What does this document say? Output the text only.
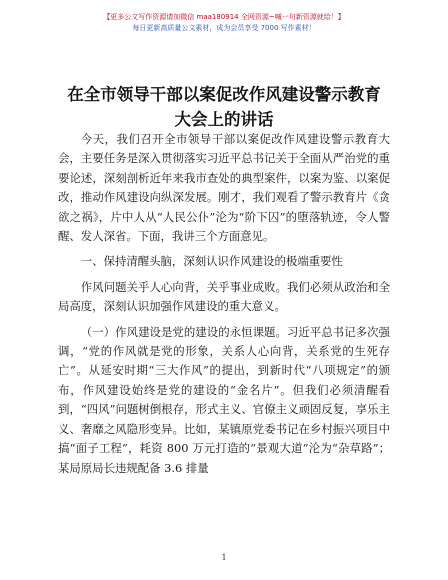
【更多公文写作资源请加微信 maa180914 全网资源~喊一句新资源就给！】
每日更新高质量公文素材，成为会员享受 7000 写作素材！
在全市领导干部以案促改作风建设警示教育大会上的讲话

今天，我们召开全市领导干部以案促改作风建设警示教育大会，主要任务是深入贯彻落实习近平总书记关于全面从严治党的重要论述，深刻剖析近年来我市查处的典型案件，以案为鉴、以案促改，推动作风建设向纵深发展。刚才，我们观看了警示教育片《贪欲之祸》，片中人从“人民公仆”沦为“阶下囚”的堕落轨迹，令人警醒、发人深省。下面，我讲三个方面意见。

一、保持清醒头脑，深刻认识作风建设的极端重要性

作风问题关乎人心向背，关乎事业成败。我们必须从政治和全局高度，深刻认识加强作风建设的重大意义。

（一）作风建设是党的建设的永恒课题。习近平总书记多次强调，“党的作风就是党的形象，关系人心向背，关系党的生死存亡”。从延安时期“三大作风”的提出，到新时代“八项规定”的颁布，作风建设始终是党的建设的“金名片”。但我们必须清醒看到，“四风”问题树倒根存，形式主义、官僚主义顽固反复，享乐主义、奢靡之风隐形变异。比如，某镇原党委书记在乡村振兴项目中搞“面子工程”，耗资 800 万元打造的“景观大道”沦为“杂草路”；某局原局长违规配备 3.6 排量

1
